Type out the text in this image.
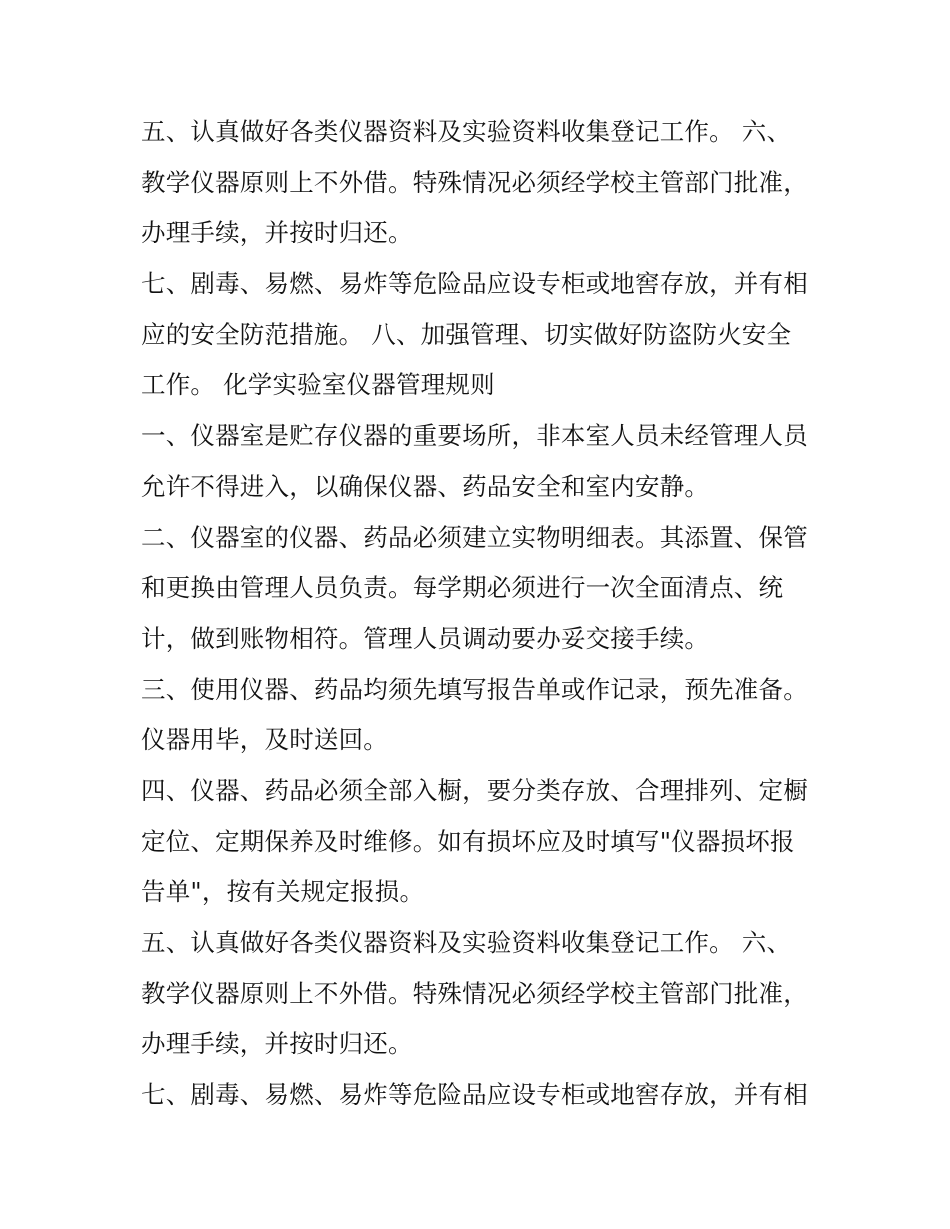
五、认真做好各类仪器资料及实验资料收集登记工作。 六、
教学仪器原则上不外借。特殊情况必须经学校主管部门批准，
办理手续，并按时归还。
七、剧毒、易燃、易炸等危险品应设专柜或地窖存放，并有相
应的安全防范措施。 八、加强管理、切实做好防盗防火安全
工作。 化学实验室仪器管理规则
一、仪器室是贮存仪器的重要场所，非本室人员未经管理人员
允许不得进入，以确保仪器、药品安全和室内安静。
二、仪器室的仪器、药品必须建立实物明细表。其添置、保管
和更换由管理人员负责。每学期必须进行一次全面清点、统
计，做到账物相符。管理人员调动要办妥交接手续。
三、使用仪器、药品均须先填写报告单或作记录，预先准备。
仪器用毕，及时送回。
四、仪器、药品必须全部入橱，要分类存放、合理排列、定橱
定位、定期保养及时维修。如有损坏应及时填写"仪器损坏报
告单"，按有关规定报损。
五、认真做好各类仪器资料及实验资料收集登记工作。 六、
教学仪器原则上不外借。特殊情况必须经学校主管部门批准，
办理手续，并按时归还。
七、剧毒、易燃、易炸等危险品应设专柜或地窖存放，并有相
